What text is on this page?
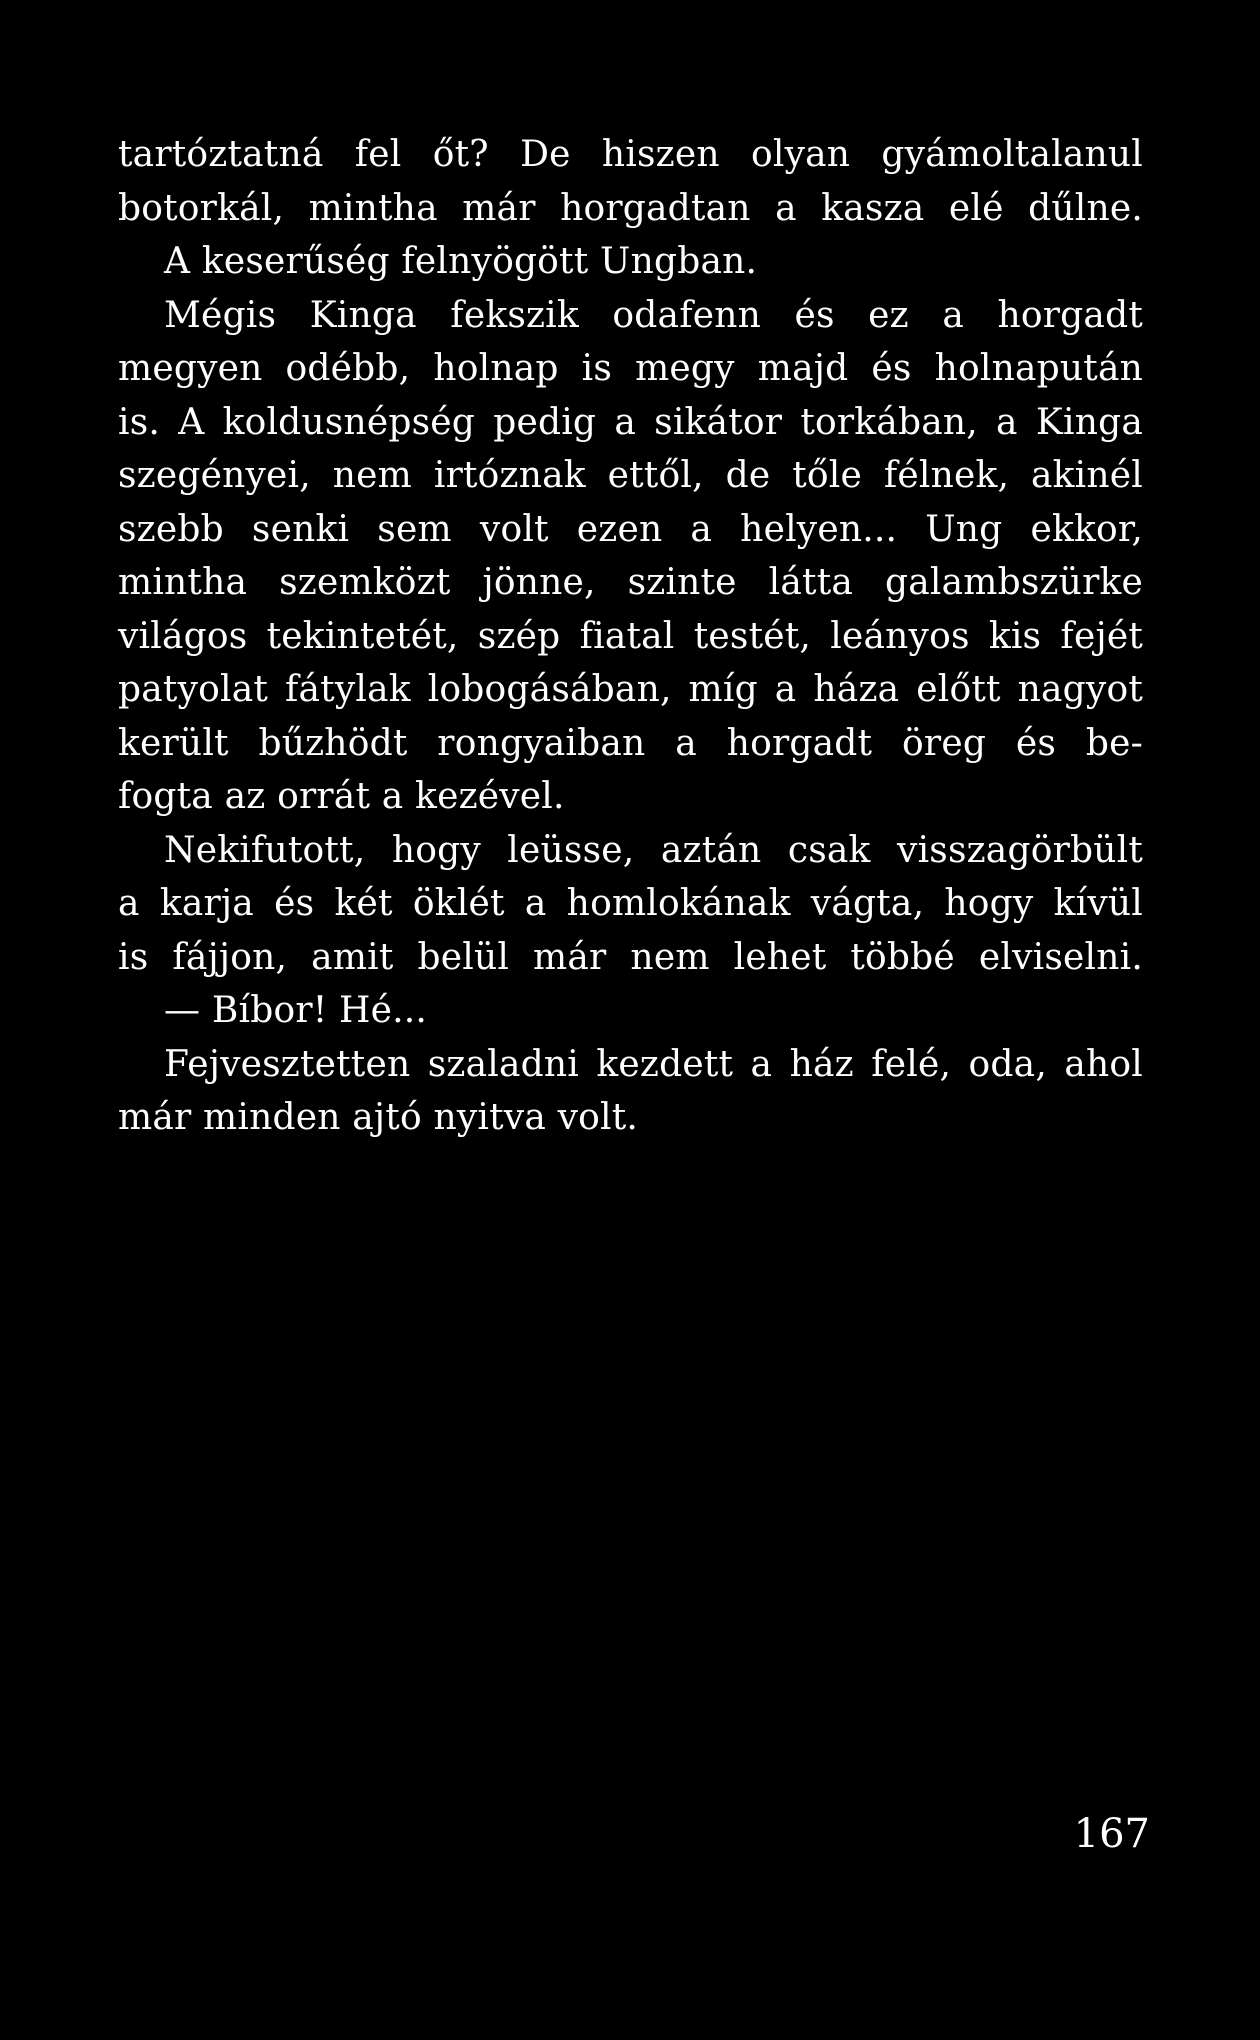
tartóztatná fel őt? De hiszen olyan gyámoltalanul
botorkál, mintha már horgadtan a kasza elé dűlne.
A keserűség felnyögött Ungban.
Mégis Kinga fekszik odafenn és ez a horgadt
megyen odébb, holnap is megy majd és holnapután
is. A koldusnépség pedig a sikátor torkában, a Kinga
szegényei, nem irtóznak ettől, de tőle félnek, akinél
szebb senki sem volt ezen a helyen... Ung ekkor,
mintha szemközt jönne, szinte látta galambszürke
világos tekintetét, szép fiatal testét, leányos kis fejét
patyolat fátylak lobogásában, míg a háza előtt nagyot
került bűzhödt rongyaiban a horgadt öreg és be-
fogta az orrát a kezével.
Nekifutott, hogy leüsse, aztán csak visszagörbült
a karja és két öklét a homlokának vágta, hogy kívül
is fájjon, amit belül már nem lehet többé elviselni.
— Bíbor! Hé...
Fejvesztetten szaladni kezdett a ház felé, oda, ahol
már minden ajtó nyitva volt.
167
